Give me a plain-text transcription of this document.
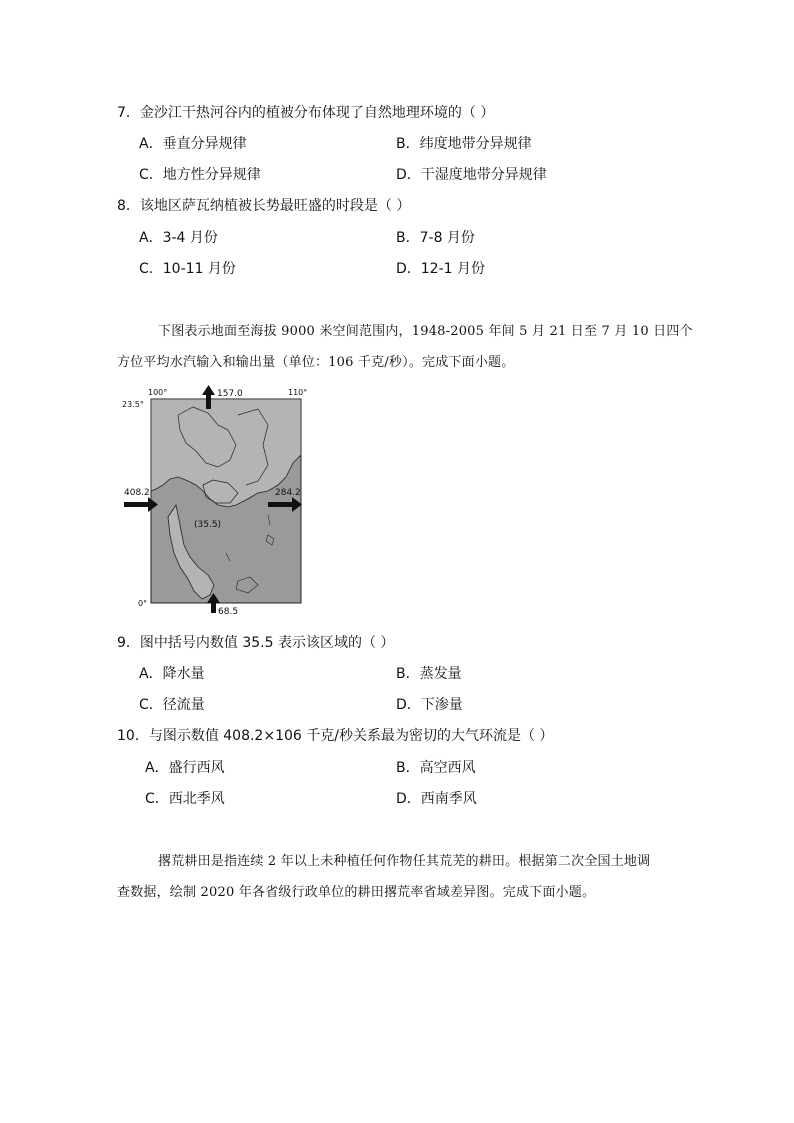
7．金沙江干热河谷内的植被分布体现了自然地理环境的（ ）
A．垂直分异规律	B．纬度地带分异规律
C．地方性分异规律	D．干湿度地带分异规律
8．该地区萨瓦纳植被长势最旺盛的时段是（ ）
A．3-4 月份	B．7-8 月份
C．10-11 月份	D．12-1 月份
下图表示地面至海拔 9000 米空间范围内，1948-2005 年间 5 月 21 日至 7 月 10 日四个
方位平均水汽输入和输出量（单位：106 千克/秒）。完成下面小题。
100°	110°
23.5°
0°
157.0
408.2	284.2
68.5
(35.5)
9．图中括号内数值 35.5 表示该区域的（ ）
A．降水量	B．蒸发量
C．径流量	D．下渗量
10．与图示数值 408.2×106 千克/秒关系最为密切的大气环流是（ ）
A．盛行西风	B．高空西风
C．西北季风	D．西南季风
撂荒耕田是指连续 2 年以上未种植任何作物任其荒芜的耕田。根据第二次全国土地调
查数据，绘制 2020 年各省级行政单位的耕田撂荒率省域差异图。完成下面小题。
